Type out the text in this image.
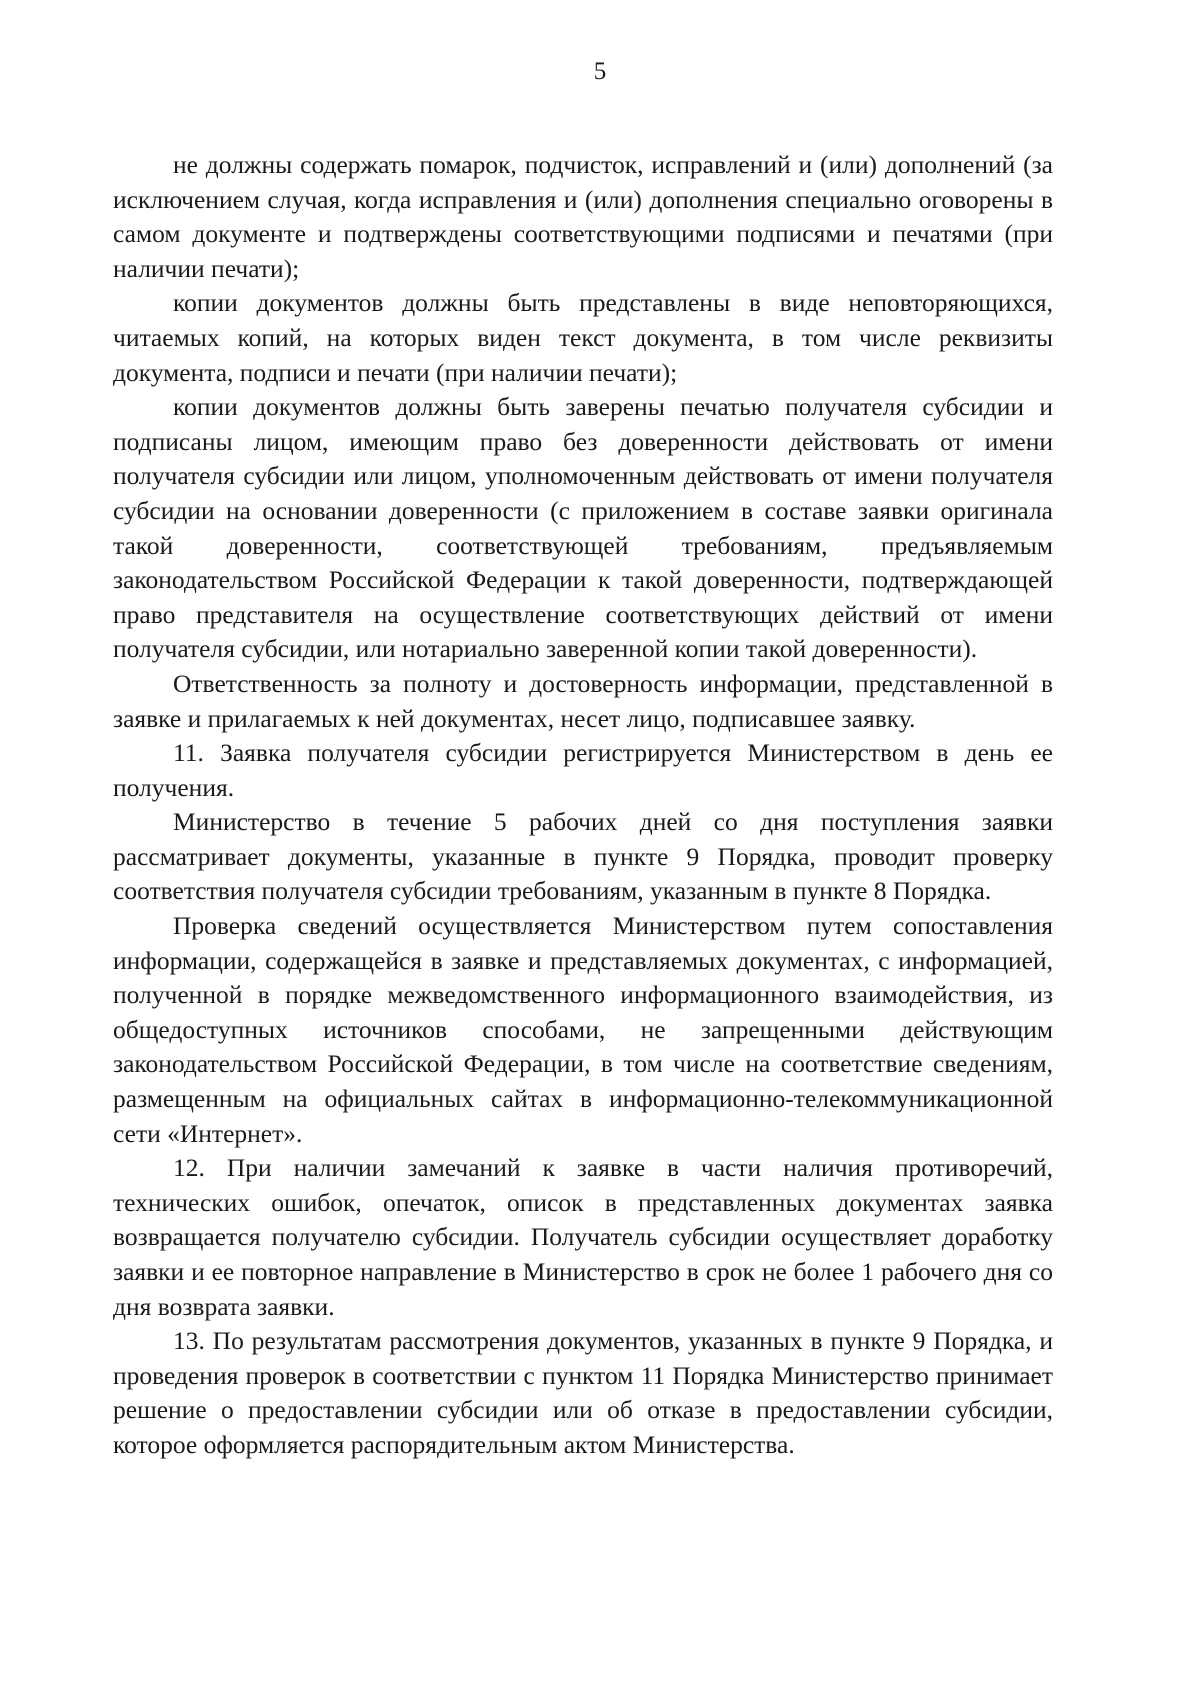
5

не должны содержать помарок, подчисток, исправлений и (или) дополнений (за исключением случая, когда исправления и (или) дополнения специально оговорены в самом документе и подтверждены соответствующими подписями и печатями (при наличии печати);

копии документов должны быть представлены в виде неповторяющихся, читаемых копий, на которых виден текст документа, в том числе реквизиты документа, подписи и печати (при наличии печати);

копии документов должны быть заверены печатью получателя субсидии и подписаны лицом, имеющим право без доверенности действовать от имени получателя субсидии или лицом, уполномоченным действовать от имени получателя субсидии на основании доверенности (с приложением в составе заявки оригинала такой доверенности, соответствующей требованиям, предъявляемым законодательством Российской Федерации к такой доверенности, подтверждающей право представителя на осуществление соответствующих действий от имени получателя субсидии, или нотариально заверенной копии такой доверенности).

Ответственность за полноту и достоверность информации, представленной в заявке и прилагаемых к ней документах, несет лицо, подписавшее заявку.

11. Заявка получателя субсидии регистрируется Министерством в день ее получения.

Министерство в течение 5 рабочих дней со дня поступления заявки рассматривает документы, указанные в пункте 9 Порядка, проводит проверку соответствия получателя субсидии требованиям, указанным в пункте 8 Порядка.

Проверка сведений осуществляется Министерством путем сопоставления информации, содержащейся в заявке и представляемых документах, с информацией, полученной в порядке межведомственного информационного взаимодействия, из общедоступных источников способами, не запрещенными действующим законодательством Российской Федерации, в том числе на соответствие сведениям, размещенным на официальных сайтах в информационно-телекоммуникационной сети «Интернет».

12. При наличии замечаний к заявке в части наличия противоречий, технических ошибок, опечаток, описок в представленных документах заявка возвращается получателю субсидии. Получатель субсидии осуществляет доработку заявки и ее повторное направление в Министерство в срок не более 1 рабочего дня со дня возврата заявки.

13. По результатам рассмотрения документов, указанных в пункте 9 Порядка, и проведения проверок в соответствии с пунктом 11 Порядка Министерство принимает решение о предоставлении субсидии или об отказе в предоставлении субсидии, которое оформляется распорядительным актом Министерства.
